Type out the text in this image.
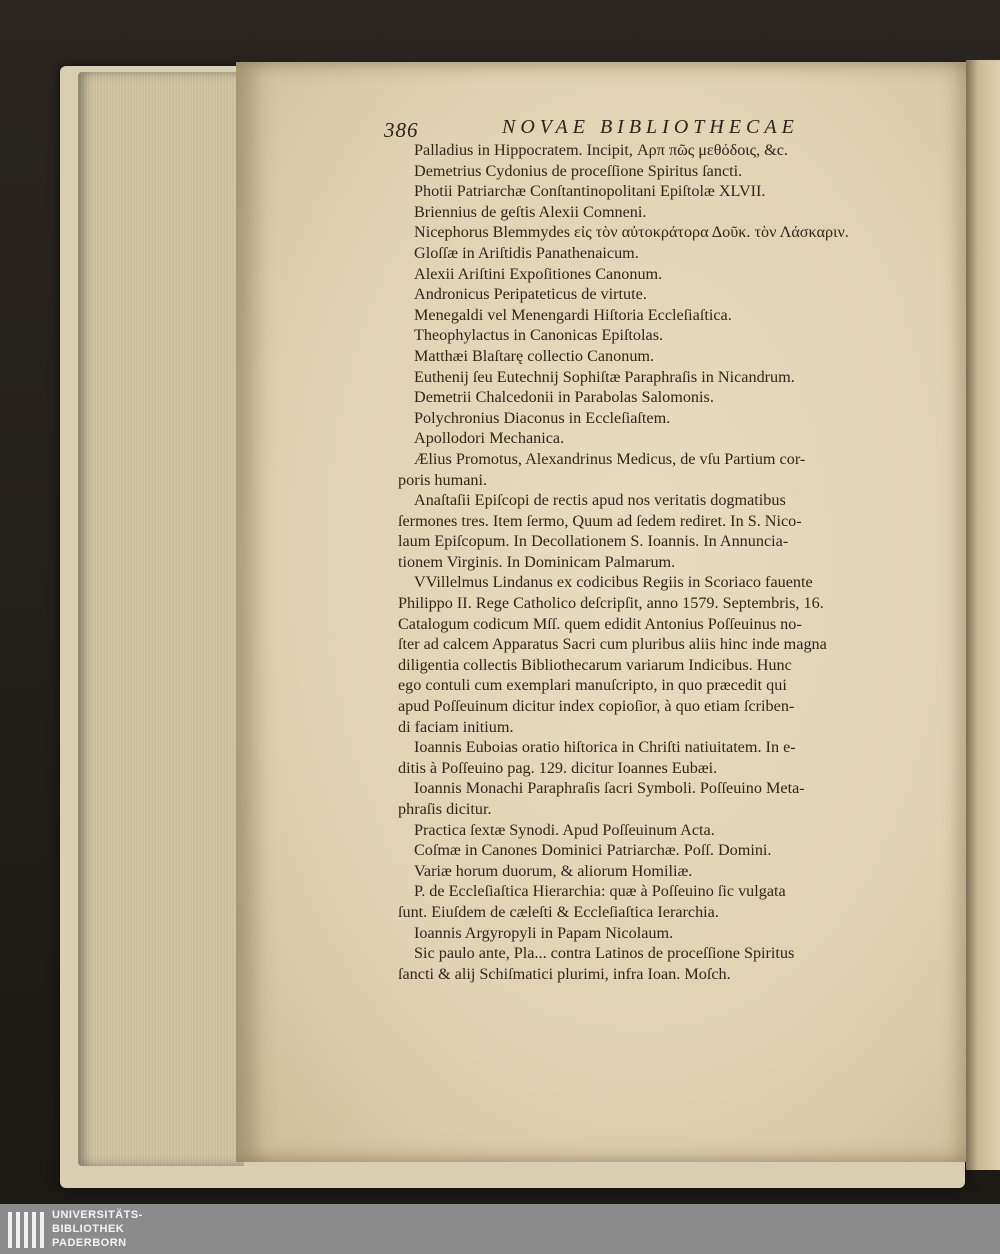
386	NOVAE BIBLIOTHECAE
Palladius in Hippocratem. Incipit, Αρπ πῶς μεθόδοις, &c.
Demetrius Cydonius de proceſſione Spiritus ſancti.
Photii Patriarchæ Conſtantinopolitani Epiſtolæ XLVII.
Briennius de geſtis Alexii Comneni.
Nicephorus Blemmydes εἰς τὸν αὐτοκράτορα Δοῦκ. τὸν Λάσκαριν.
Gloſſæ in Ariſtidis Panathenaicum.
Alexii Ariſtini Expoſitiones Canonum.
Andronicus Peripateticus de virtute.
Menegaldi vel Menengardi Hiſtoria Eccleſiaſtica.
Theophylactus in Canonicas Epiſtolas.
Matthæi Blaſtarę collectio Canonum.
Euthenij ſeu Eutechnij Sophiſtæ Paraphraſis in Nicandrum.
Demetrii Chalcedonii in Parabolas Salomonis.
Polychronius Diaconus in Eccleſiaſtem.
Apollodori Mechanica.
Ælius Promotus, Alexandrinus Medicus, de vſu Partium cor-
poris humani.
Anaſtaſii Epiſcopi de rectis apud nos veritatis dogmatibus
ſermones tres. Item ſermo, Quum ad ſedem rediret. In S. Nico-
laum Epiſcopum. In Decollationem S. Ioannis. In Annuncia-
tionem Virginis. In Dominicam Palmarum.
VVillelmus Lindanus ex codicibus Regiis in Scoriaco fauente
Philippo II. Rege Catholico deſcripſit, anno 1579. Septembris, 16.
Catalogum codicum Mſſ. quem edidit Antonius Poſſeuinus no-
ſter ad calcem Apparatus Sacri cum pluribus aliis hinc inde magna
diligentia collectis Bibliothecarum variarum Indicibus. Hunc
ego contuli cum exemplari manuſcripto, in quo præcedit qui
apud Poſſeuinum dicitur index copioſior, à quo etiam ſcriben-
di faciam initium.
Ioannis Euboias oratio hiſtorica in Chriſti natiuitatem. In e-
ditis à Poſſeuino pag. 129. dicitur Ioannes Eubæi.
Ioannis Monachi Paraphraſis ſacri Symboli. Poſſeuino Meta-
phraſis dicitur.
Practica ſextæ Synodi. Apud Poſſeuinum Acta.
Coſmæ in Canones Dominici Patriarchæ. Poſſ. Domini.
Variæ horum duorum, & aliorum Homiliæ.
P. de Eccleſiaſtica Hierarchia: quæ à Poſſeuino ſic vulgata
ſunt. Eiuſdem de cæleſti & Eccleſiaſtica Ierarchia.
Ioannis Argyropyli in Papam Nicolaum.
Sic paulo ante, Pla... contra Latinos de proceſſione Spiritus
ſancti & alij Schiſmatici plurimi, infra Ioan. Moſch.
UNIVERSITÄTS-
BIBLIOTHEK
PADERBORN
